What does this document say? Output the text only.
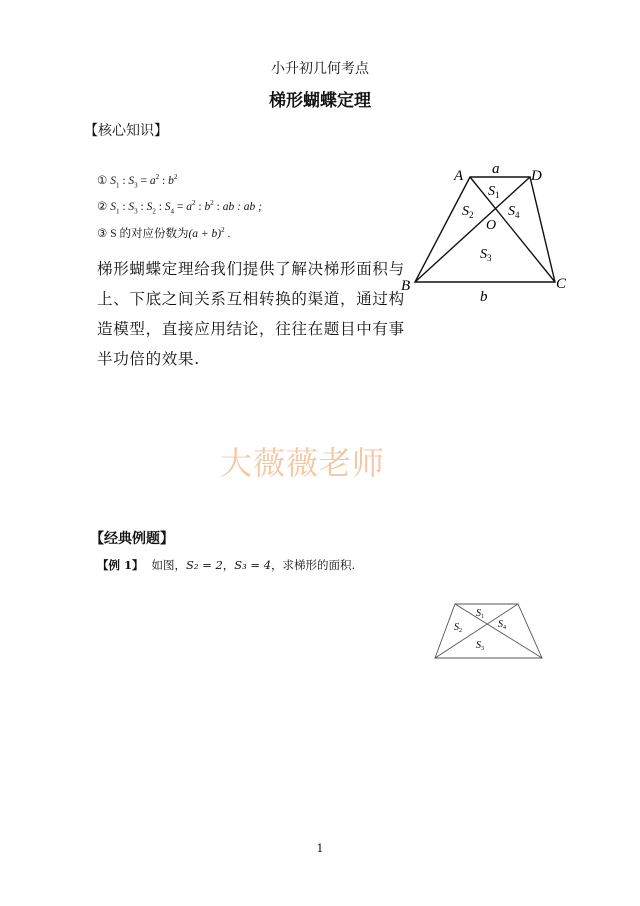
小升初几何考点
梯形蝴蝶定理
【核心知识】
① $S_1$ : $S_3 = a^2$ : $b^2$
② $S_1$ : $S_3$ : $S_2$ : $S_4 = a^2$ : $b^2$ : ab : ab ;
③ S 的对应份数为$(a + b)^2$ .
梯形蝴蝶定理给我们提供了解决梯形面积与上、下底之间关系互相转换的渠道，通过构造模型，直接应用结论，往往在题目中有事半功倍的效果.
A	D
B	C
a
b
O
$S_1$
$S_2$ $S_4$
$S_3$
大薇薇老师
【经典例题】
【例 1】 如图，S₂ = 2，S₃ = 4，求梯形的面积.
$S_1$
$S_2$
$S_4$
$S_3$
1
